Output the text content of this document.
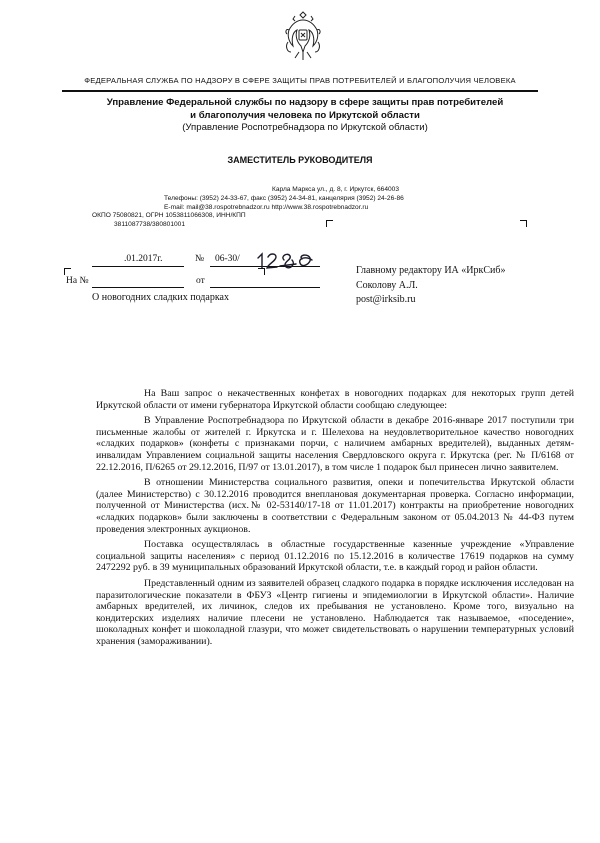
ФЕДЕРАЛЬНАЯ СЛУЖБА ПО НАДЗОРУ В СФЕРЕ ЗАЩИТЫ ПРАВ ПОТРЕБИТЕЛЕЙ И БЛАГОПОЛУЧИЯ ЧЕЛОВЕКА
Управление Федеральной службы по надзору в сфере защиты прав потребителей
и благополучия человека по Иркутской области
(Управление Роспотребнадзора по Иркутской области)
ЗАМЕСТИТЕЛЬ РУКОВОДИТЕЛЯ
Карла Маркса ул., д. 8, г. Иркутск, 664003
Телефоны: (3952) 24-33-67, факс (3952) 24-34-81, канцелярия (3952) 24-26-86
E-mail: mail@38.rospotrebnadzor.ru http://www.38.rospotrebnadzor.ru
ОКПО 75080821, ОГРН 1053811066308, ИНН/КПП
3811087738/380801001
.01.2017г.	№ 06-30/
На №	от
Главному редактору ИА «ИркСиб»
Соколову А.Л.
post@irksib.ru
О новогодних сладких подарках

На Ваш запрос о некачественных конфетах в новогодних подарках для некоторых групп детей Иркутской области от имени губернатора Иркутской области сообщаю следующее:

В Управление Роспотребнадзора по Иркутской области в декабре 2016-январе 2017 поступили три письменные жалобы от жителей г. Иркутска и г. Шелехова на неудовлетворительное качество новогодних «сладких подарков» (конфеты с признаками порчи, с наличием амбарных вредителей), выданных детям-инвалидам Управлением социальной защиты населения Свердловского округа г. Иркутска (рег. № П/6168 от 22.12.2016, П/6265 от 29.12.2016, П/97 от 13.01.2017), в том числе 1 подарок был принесен лично заявителем.

В отношении Министерства социального развития, опеки и попечительства Иркутской области (далее Министерство) с 30.12.2016 проводится внеплановая документарная проверка. Согласно информации, полученной от Министерства (исх.№ 02-53140/17-18 от 11.01.2017) контракты на приобретение новогодних «сладких подарков» были заключены в соответствии с Федеральным законом от 05.04.2013 № 44-ФЗ путем проведения электронных аукционов.

Поставка осуществлялась в областные государственные казенные учреждение «Управление социальной защиты населения» с период 01.12.2016 по 15.12.2016 в количестве 17619 подарков на сумму 2472292 руб. в 39 муниципальных образований Иркутской области, т.е. в каждый город и район области.

Представленный одним из заявителей образец сладкого подарка в порядке исключения исследован на паразитологические показатели в ФБУЗ «Центр гигиены и эпидемиологии в Иркутской области». Наличие амбарных вредителей, их личинок, следов их пребывания не установлено. Кроме того, визуально на кондитерских изделиях наличие плесени не установлено. Наблюдается так называемое, «поседение», шоколадных конфет и шоколадной глазури, что может свидетельствовать о нарушении температурных условий хранения (замораживании).
